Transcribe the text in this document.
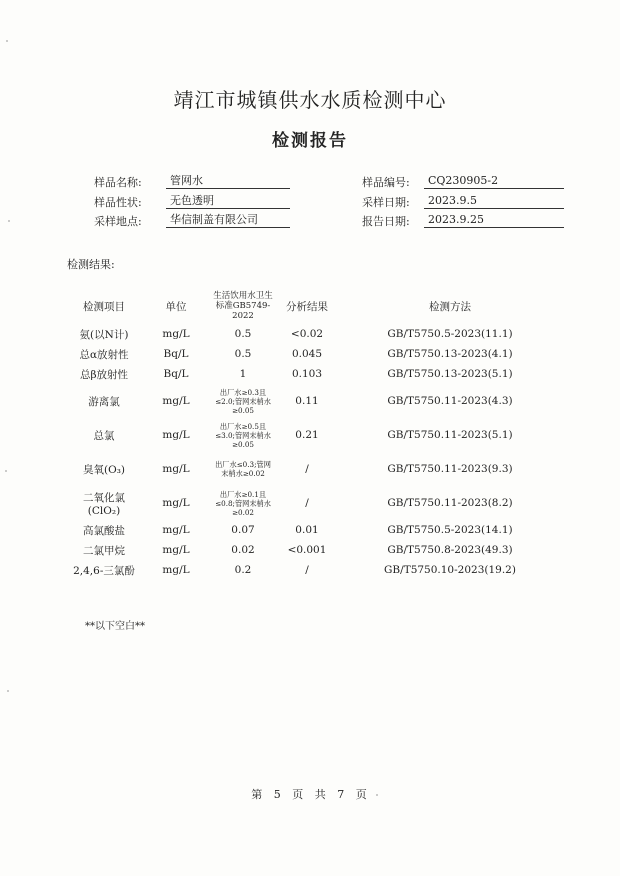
靖江市城镇供水水质检测中心
检测报告
样品名称:	管网水
样品性状:	无色透明
采样地点:	华信制盖有限公司
样品编号:	CQ230905-2
采样日期:	2023.9.5
报告日期:	2023.9.25
检测结果:
检测项目	单位	生活饮用水卫生标准GB5749-2022	分析结果	检测方法
氨(以N计)	mg/L	0.5	<0.02	GB/T5750.5-2023(11.1)
总α放射性	Bq/L	0.5	0.045	GB/T5750.13-2023(4.1)
总β放射性	Bq/L	1	0.103	GB/T5750.13-2023(5.1)
游离氯	mg/L	出厂水≥0.3且≤2.0;管网末梢水≥0.05	0.11	GB/T5750.11-2023(4.3)
总氯	mg/L	出厂水≥0.5且≤3.0;管网末梢水≥0.05	0.21	GB/T5750.11-2023(5.1)
臭氧(O₃)	mg/L	出厂水≤0.3;管网末梢水≥0.02	/	GB/T5750.11-2023(9.3)
二氧化氯(ClO₂)	mg/L	出厂水≥0.1且≤0.8;管网末梢水≥0.02	/	GB/T5750.11-2023(8.2)
高氯酸盐	mg/L	0.07	0.01	GB/T5750.5-2023(14.1)
二氯甲烷	mg/L	0.02	<0.001	GB/T5750.8-2023(49.3)
2,4,6-三氯酚	mg/L	0.2	/	GB/T5750.10-2023(19.2)
**以下空白**
第 5 页 共 7 页
